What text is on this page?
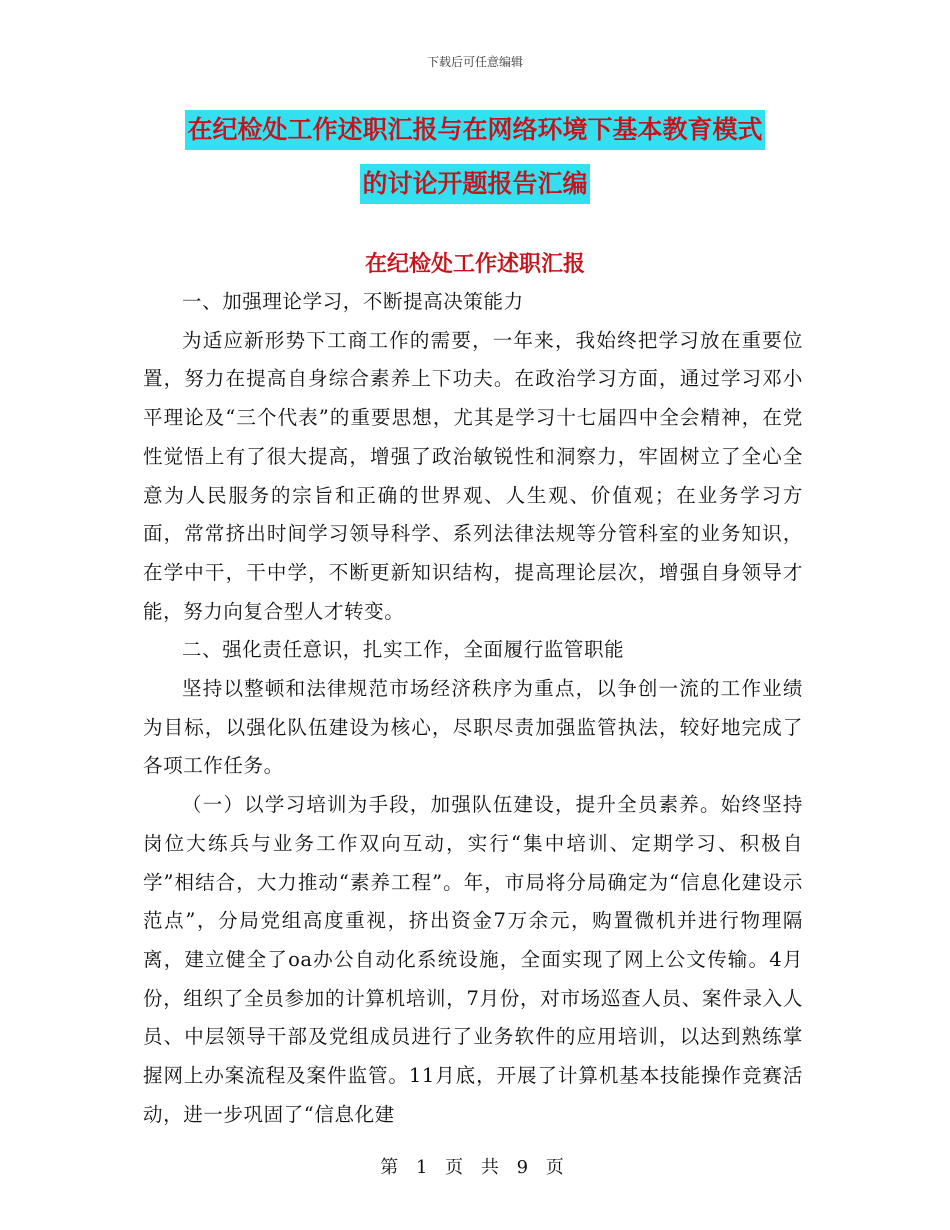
下载后可任意编辑
在纪检处工作述职汇报与在网络环境下基本教育模式
的讨论开题报告汇编
在纪检处工作述职汇报

一、加强理论学习，不断提高决策能力

为适应新形势下工商工作的需要，一年来，我始终把学习放在重要位置，努力在提高自身综合素养上下功夫。在政治学习方面，通过学习邓小平理论及“三个代表”的重要思想，尤其是学习十七届四中全会精神，在党性觉悟上有了很大提高，增强了政治敏锐性和洞察力，牢固树立了全心全意为人民服务的宗旨和正确的世界观、人生观、价值观；在业务学习方面，常常挤出时间学习领导科学、系列法律法规等分管科室的业务知识，在学中干，干中学，不断更新知识结构，提高理论层次，增强自身领导才能，努力向复合型人才转变。

二、强化责任意识，扎实工作，全面履行监管职能

坚持以整顿和法律规范市场经济秩序为重点，以争创一流的工作业绩为目标，以强化队伍建设为核心，尽职尽责加强监管执法，较好地完成了各项工作任务。

（一）以学习培训为手段，加强队伍建设，提升全员素养。始终坚持岗位大练兵与业务工作双向互动，实行“集中培训、定期学习、积极自学”相结合，大力推动“素养工程”。年，市局将分局确定为“信息化建设示范点”，分局党组高度重视，挤出资金7万余元，购置微机并进行物理隔离，建立健全了oa办公自动化系统设施，全面实现了网上公文传输。4月份，组织了全员参加的计算机培训，7月份，对市场巡查人员、案件录入人员、中层领导干部及党组成员进行了业务软件的应用培训，以达到熟练掌握网上办案流程及案件监管。11月底，开展了计算机基本技能操作竞赛活动，进一步巩固了“信息化建

第 1 页 共 9 页
